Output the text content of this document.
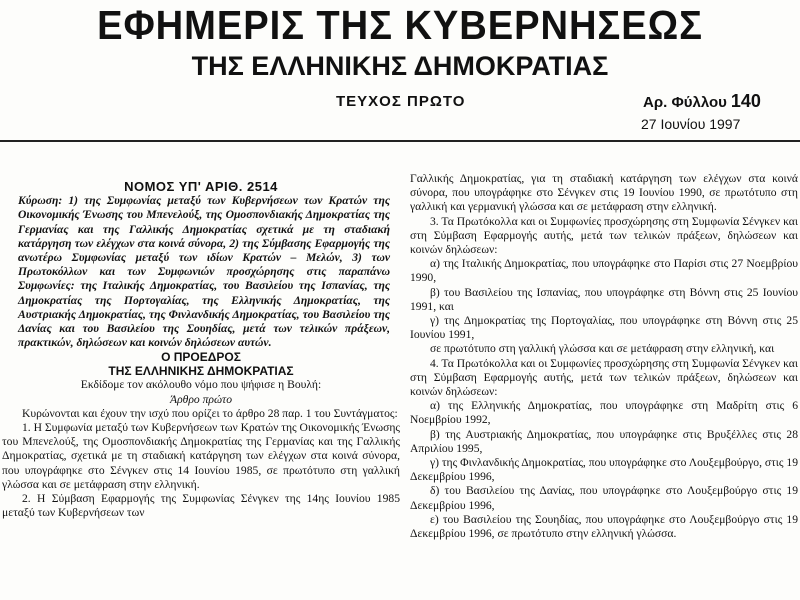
ΕΦΗΜΕΡΙΣ ΤΗΣ ΚΥΒΕΡΝΗΣΕΩΣ
ΤΗΣ ΕΛΛΗΝΙΚΗΣ ΔΗΜΟΚΡΑΤΙΑΣ
ΤΕΥΧΟΣ ΠΡΩΤΟ	Αρ. Φύλλου 140
27 Ιουνίου 1997

ΝΟΜΟΣ ΥΠ' ΑΡΙΘ. 2514

Κύρωση: 1) της Συμφωνίας μεταξύ των Κυβερνήσεων των Κρατών της Οικονομικής Ένωσης του Μπενελούξ, της Ομοσπονδιακής Δημοκρατίας της Γερμανίας και της Γαλλικής Δημοκρατίας σχετικά με τη σταδιακή κατάργηση των ελέγχων στα κοινά σύνορα, 2) της Σύμβασης Εφαρμογής της ανωτέρω Συμφωνίας μεταξύ των ιδίων Κρατών – Μελών, 3) των Πρωτοκόλλων και των Συμφωνιών προσχώρησης στις παραπάνω Συμφωνίες: της Ιταλικής Δημοκρατίας, του Βασιλείου της Ισπανίας, της Δημοκρατίας της Πορτογαλίας, της Ελληνικής Δημοκρατίας, της Αυστριακής Δημοκρατίας, της Φινλανδικής Δημοκρατίας, του Βασιλείου της Δανίας και του Βασιλείου της Σουηδίας, μετά των τελικών πράξεων, πρακτικών, δηλώσεων και κοινών δηλώσεων αυτών.

Ο ΠΡΟΕΔΡΟΣ

ΤΗΣ ΕΛΛΗΝΙΚΗΣ ΔΗΜΟΚΡΑΤΙΑΣ

Εκδίδομε τον ακόλουθο νόμο που ψήφισε η Βουλή:

Άρθρο πρώτο

Κυρώνονται και έχουν την ισχύ που ορίζει το άρθρο 28 παρ. 1 του Συντάγματος:

1. Η Συμφωνία μεταξύ των Κυβερνήσεων των Κρατών της Οικονομικής Ένωσης του Μπενελούξ, της Ομοσπονδιακής Δημοκρατίας της Γερμανίας και της Γαλλικής Δημοκρατίας, σχετικά με τη σταδιακή κατάργηση των ελέγχων στα κοινά σύνορα, που υπογράφηκε στο Σένγκεν στις 14 Ιουνίου 1985, σε πρωτότυπο στη γαλλική γλώσσα και σε μετάφραση στην ελληνική.

2. Η Σύμβαση Εφαρμογής της Συμφωνίας Σένγκεν της 14ης Ιουνίου 1985 μεταξύ των Κυβερνήσεων των

Γαλλικής Δημοκρατίας, για τη σταδιακή κατάργηση των ελέγχων στα κοινά σύνορα, που υπογράφηκε στο Σένγκεν στις 19 Ιουνίου 1990, σε πρωτότυπο στη γαλλική και γερμανική γλώσσα και σε μετάφραση στην ελληνική.

3. Τα Πρωτόκολλα και οι Συμφωνίες προσχώρησης στη Συμφωνία Σένγκεν και στη Σύμβαση Εφαρμογής αυτής, μετά των τελικών πράξεων, δηλώσεων και κοινών δηλώσεων:

α) της Ιταλικής Δημοκρατίας, που υπογράφηκε στο Παρίσι στις 27 Νοεμβρίου 1990,

β) του Βασιλείου της Ισπανίας, που υπογράφηκε στη Βόννη στις 25 Ιουνίου 1991, και

γ) της Δημοκρατίας της Πορτογαλίας, που υπογράφηκε στη Βόννη στις 25 Ιουνίου 1991,

σε πρωτότυπο στη γαλλική γλώσσα και σε μετάφραση στην ελληνική, και

4. Τα Πρωτόκολλα και οι Συμφωνίες προσχώρησης στη Συμφωνία Σένγκεν και στη Σύμβαση Εφαρμογής αυτής, μετά των τελικών πράξεων, δηλώσεων και κοινών δηλώσεων:

α) της Ελληνικής Δημοκρατίας, που υπογράφηκε στη Μαδρίτη στις 6 Νοεμβρίου 1992,

β) της Αυστριακής Δημοκρατίας, που υπογράφηκε στις Βρυξέλλες στις 28 Απριλίου 1995,

γ) της Φινλανδικής Δημοκρατίας, που υπογράφηκε στο Λουξεμβούργο, στις 19 Δεκεμβρίου 1996,

δ) του Βασιλείου της Δανίας, που υπογράφηκε στο Λουξεμβούργο στις 19 Δεκεμβρίου 1996,

ε) του Βασιλείου της Σουηδίας, που υπογράφηκε στο Λουξεμβούργο στις 19 Δεκεμβρίου 1996, σε πρωτότυπο στην ελληνική γλώσσα.
